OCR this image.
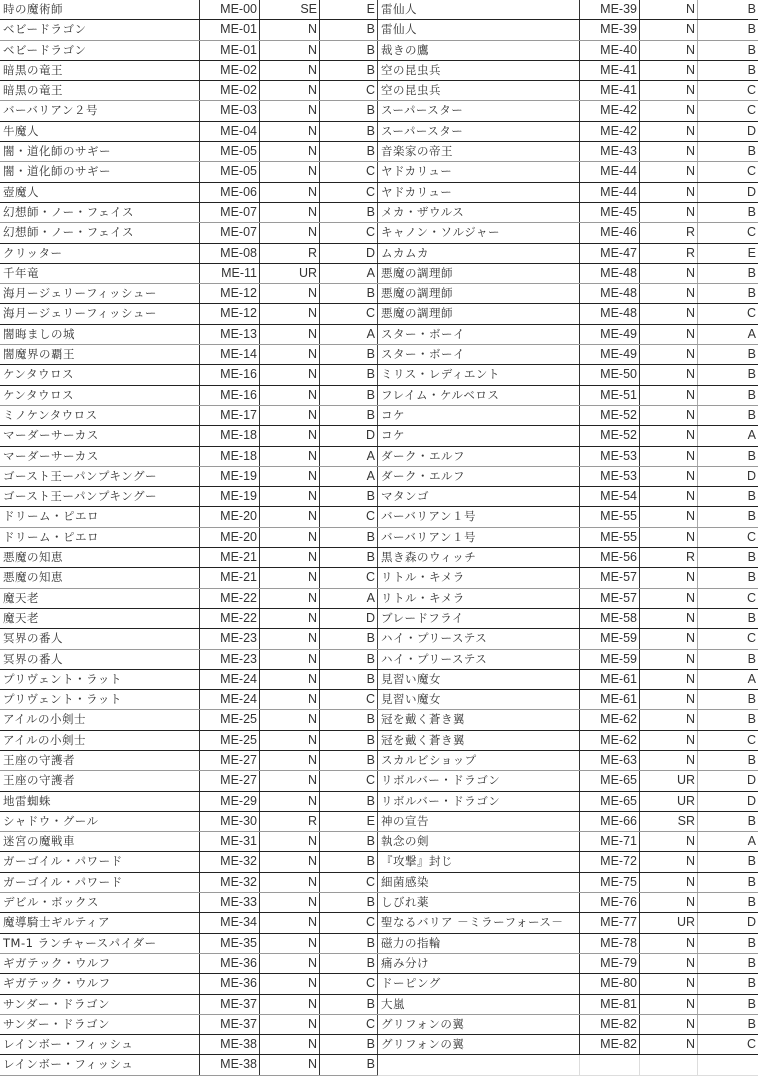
時の魔術師	ME-00	SE	E
ベビードラゴン	ME-01	N	B
ベビードラゴン	ME-01	N	B
暗黒の竜王	ME-02	N	B
暗黒の竜王	ME-02	N	C
バーバリアン２号	ME-03	N	B
牛魔人	ME-04	N	B
闇・道化師のサギー	ME-05	N	B
闇・道化師のサギー	ME-05	N	C
壺魔人	ME-06	N	C
幻想師・ノー・フェイス	ME-07	N	B
幻想師・ノー・フェイス	ME-07	N	C
クリッター	ME-08	R	D
千年竜	ME-11	UR	A
海月ージェリーフィッシュー	ME-12	N	B
海月ージェリーフィッシュー	ME-12	N	C
闇晦ましの城	ME-13	N	A
闇魔界の覇王	ME-14	N	B
ケンタウロス	ME-16	N	B
ケンタウロス	ME-16	N	B
ミノケンタウロス	ME-17	N	B
マーダーサーカス	ME-18	N	D
マーダーサーカス	ME-18	N	A
ゴースト王ーパンプキングー	ME-19	N	A
ゴースト王ーパンプキングー	ME-19	N	B
ドリーム・ピエロ	ME-20	N	C
ドリーム・ピエロ	ME-20	N	B
悪魔の知恵	ME-21	N	B
悪魔の知恵	ME-21	N	C
魔天老	ME-22	N	A
魔天老	ME-22	N	D
冥界の番人	ME-23	N	B
冥界の番人	ME-23	N	B
プリヴェント・ラット	ME-24	N	B
プリヴェント・ラット	ME-24	N	C
アイルの小剣士	ME-25	N	B
アイルの小剣士	ME-25	N	B
王座の守護者	ME-27	N	B
王座の守護者	ME-27	N	C
地雷蜘蛛	ME-29	N	B
シャドウ・グール	ME-30	R	E
迷宮の魔戦車	ME-31	N	B
ガーゴイル・パワード	ME-32	N	B
ガーゴイル・パワード	ME-32	N	C
デビル・ボックス	ME-33	N	B
魔導騎士ギルティア	ME-34	N	C
TM-1 ランチャースパイダー	ME-35	N	B
ギガテック・ウルフ	ME-36	N	B
ギガテック・ウルフ	ME-36	N	C
サンダー・ドラゴン	ME-37	N	B
サンダー・ドラゴン	ME-37	N	C
レインボー・フィッシュ	ME-38	N	B
レインボー・フィッシュ	ME-38	N	B
雷仙人	ME-39	N	B
雷仙人	ME-39	N	B
裁きの鷹	ME-40	N	B
空の昆虫兵	ME-41	N	B
空の昆虫兵	ME-41	N	C
スーパースター	ME-42	N	C
スーパースター	ME-42	N	D
音楽家の帝王	ME-43	N	B
ヤドカリュー	ME-44	N	C
ヤドカリュー	ME-44	N	D
メカ・ザウルス	ME-45	N	B
キャノン・ソルジャー	ME-46	R	C
ムカムカ	ME-47	R	E
悪魔の調理師	ME-48	N	B
悪魔の調理師	ME-48	N	B
悪魔の調理師	ME-48	N	C
スター・ボーイ	ME-49	N	A
スター・ボーイ	ME-49	N	B
ミリス・レディエント	ME-50	N	B
フレイム・ケルベロス	ME-51	N	B
コケ	ME-52	N	B
コケ	ME-52	N	A
ダーク・エルフ	ME-53	N	B
ダーク・エルフ	ME-53	N	D
マタンゴ	ME-54	N	B
バーバリアン１号	ME-55	N	B
バーバリアン１号	ME-55	N	C
黒き森のウィッチ	ME-56	R	B
リトル・キメラ	ME-57	N	B
リトル・キメラ	ME-57	N	C
ブレードフライ	ME-58	N	B
ハイ・プリーステス	ME-59	N	C
ハイ・プリーステス	ME-59	N	B
見習い魔女	ME-61	N	A
見習い魔女	ME-61	N	B
冠を戴く蒼き翼	ME-62	N	B
冠を戴く蒼き翼	ME-62	N	C
スカルビショップ	ME-63	N	B
リボルバー・ドラゴン	ME-65	UR	D
リボルバー・ドラゴン	ME-65	UR	D
神の宣告	ME-66	SR	B
執念の剣	ME-71	N	A
『攻撃』封じ	ME-72	N	B
細菌感染	ME-75	N	B
しびれ薬	ME-76	N	B
聖なるバリア －ミラーフォース－	ME-77	UR	D
磁力の指輪	ME-78	N	B
痛み分け	ME-79	N	B
ドーピング	ME-80	N	B
大嵐	ME-81	N	B
グリフォンの翼	ME-82	N	B
グリフォンの翼	ME-82	N	C
